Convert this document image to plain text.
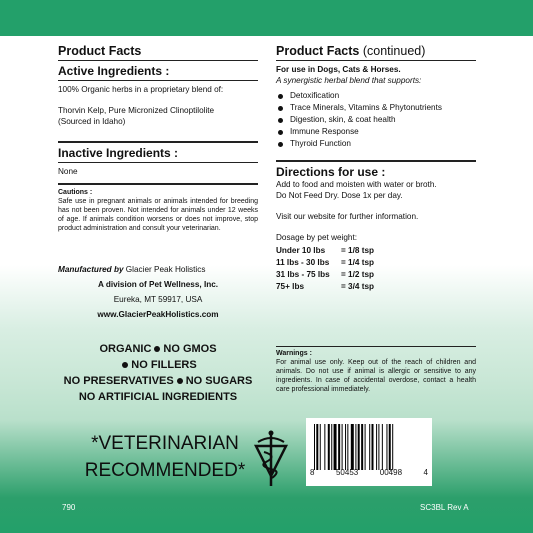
Product Facts
Active Ingredients :
100% Organic herbs in a proprietary blend of:
Thorvin Kelp, Pure Micronized Clinoptilolite
(Sourced in Idaho)
Inactive Ingredients :
None
Cautions :
Safe use in pregnant animals or animals intended for breeding has not been proven. Not intended for animals under 12 weeks of age. If animals condition worsens or does not improve, stop product administration and consult your veterinarian.
Manufactured by Glacier Peak Holistics
A division of Pet Wellness, Inc.
Eureka, MT 59917, USA
www.GlacierPeakHolistics.com
ORGANIC NO GMOS
NO FILLERS
NO PRESERVATIVES NO SUGARS
NO ARTIFICIAL INGREDIENTS
Product Facts (continued)
For use in Dogs, Cats & Horses.
A synergistic herbal blend that supports:
Detoxification
Trace Minerals, Vitamins & Phytonutrients
Digestion, skin, & coat health
Immune Response
Thyroid Function
Directions for use :
Add to food and moisten with water or broth.
Do Not Feed Dry. Dose 1x per day.
Visit our website for further information.
Dosage by pet weight:
Under 10 lbs	= 1/8 tsp
11 lbs - 30 lbs	= 1/4 tsp
31 lbs - 75 lbs	= 1/2 tsp
75+ lbs	= 3/4 tsp
Warnings :
For animal use only. Keep out of the reach of children and animals. Do not use if animal is allergic or sensitive to any ingredients. In case of accidental overdose, contact a health care professional immediately.
*VETERINARIAN
RECOMMENDED*	8	50453	00498	4
790	SC3BL Rev A
